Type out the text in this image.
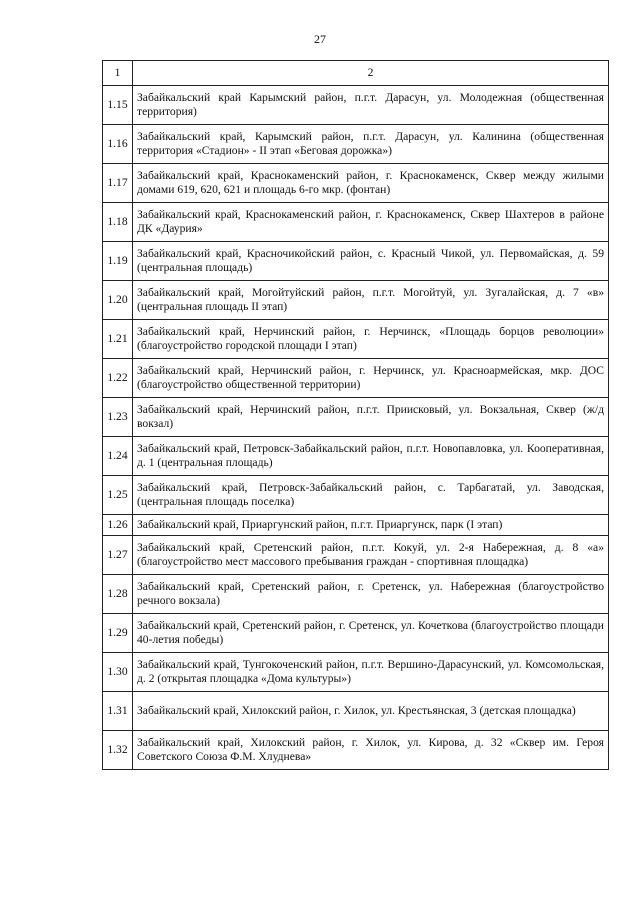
27
1	2
1.15	Забайкальский край Карымский район, п.г.т. Дарасун, ул. Молодежная (общественная территория)
1.16	Забайкальский край, Карымский район, п.г.т. Дарасун, ул. Калинина (общественная территория «Стадион» - II этап «Беговая дорожка»)
1.17	Забайкальский край, Краснокаменский район, г. Краснокаменск, Сквер между жилыми домами 619, 620, 621 и площадь 6-го мкр. (фонтан)
1.18	Забайкальский край, Краснокаменский район, г. Краснокаменск, Сквер Шахтеров в районе ДК «Даурия»
1.19	Забайкальский край, Красночикойский район, с. Красный Чикой, ул. Первомайская, д. 59 (центральная площадь)
1.20	Забайкальский край, Могойтуйский район, п.г.т. Могойтуй, ул. Зугалайская, д. 7 «в» (центральная площадь II этап)
1.21	Забайкальский край, Нерчинский район, г. Нерчинск, «Площадь борцов революции» (благоустройство городской площади I этап)
1.22	Забайкальский край, Нерчинский район, г. Нерчинск, ул. Красноармейская, мкр. ДОС (благоустройство общественной территории)
1.23	Забайкальский край, Нерчинский район, п.г.т. Приисковый, ул. Вокзальная, Сквер (ж/д вокзал)
1.24	Забайкальский край, Петровск-Забайкальский район, п.г.т. Новопавловка, ул. Кооперативная, д. 1 (центральная площадь)
1.25	Забайкальский край, Петровск-Забайкальский район, с. Тарбагатай, ул. Заводская, (центральная площадь поселка)
1.26	Забайкальский край, Приаргунский район, п.г.т. Приаргунск, парк (I этап)
1.27	Забайкальский край, Сретенский район, п.г.т. Кокуй, ул. 2-я Набережная, д. 8 «а» (благоустройство мест массового пребывания граждан - спортивная площадка)
1.28	Забайкальский край, Сретенский район, г. Сретенск, ул. Набережная (благоустройство речного вокзала)
1.29	Забайкальский край, Сретенский район, г. Сретенск, ул. Кочеткова (благоустройство площади 40-летия победы)
1.30	Забайкальский край, Тунгокоченский район, п.г.т. Вершино-Дарасунский, ул. Комсомольская, д. 2 (открытая площадка «Дома культуры»)
1.31	Забайкальский край, Хилокский район, г. Хилок, ул. Крестьянская, 3 (детская площадка)
1.32	Забайкальский край, Хилокский район, г. Хилок, ул. Кирова, д. 32 «Сквер им. Героя Советского Союза Ф.М. Хлуднева»
